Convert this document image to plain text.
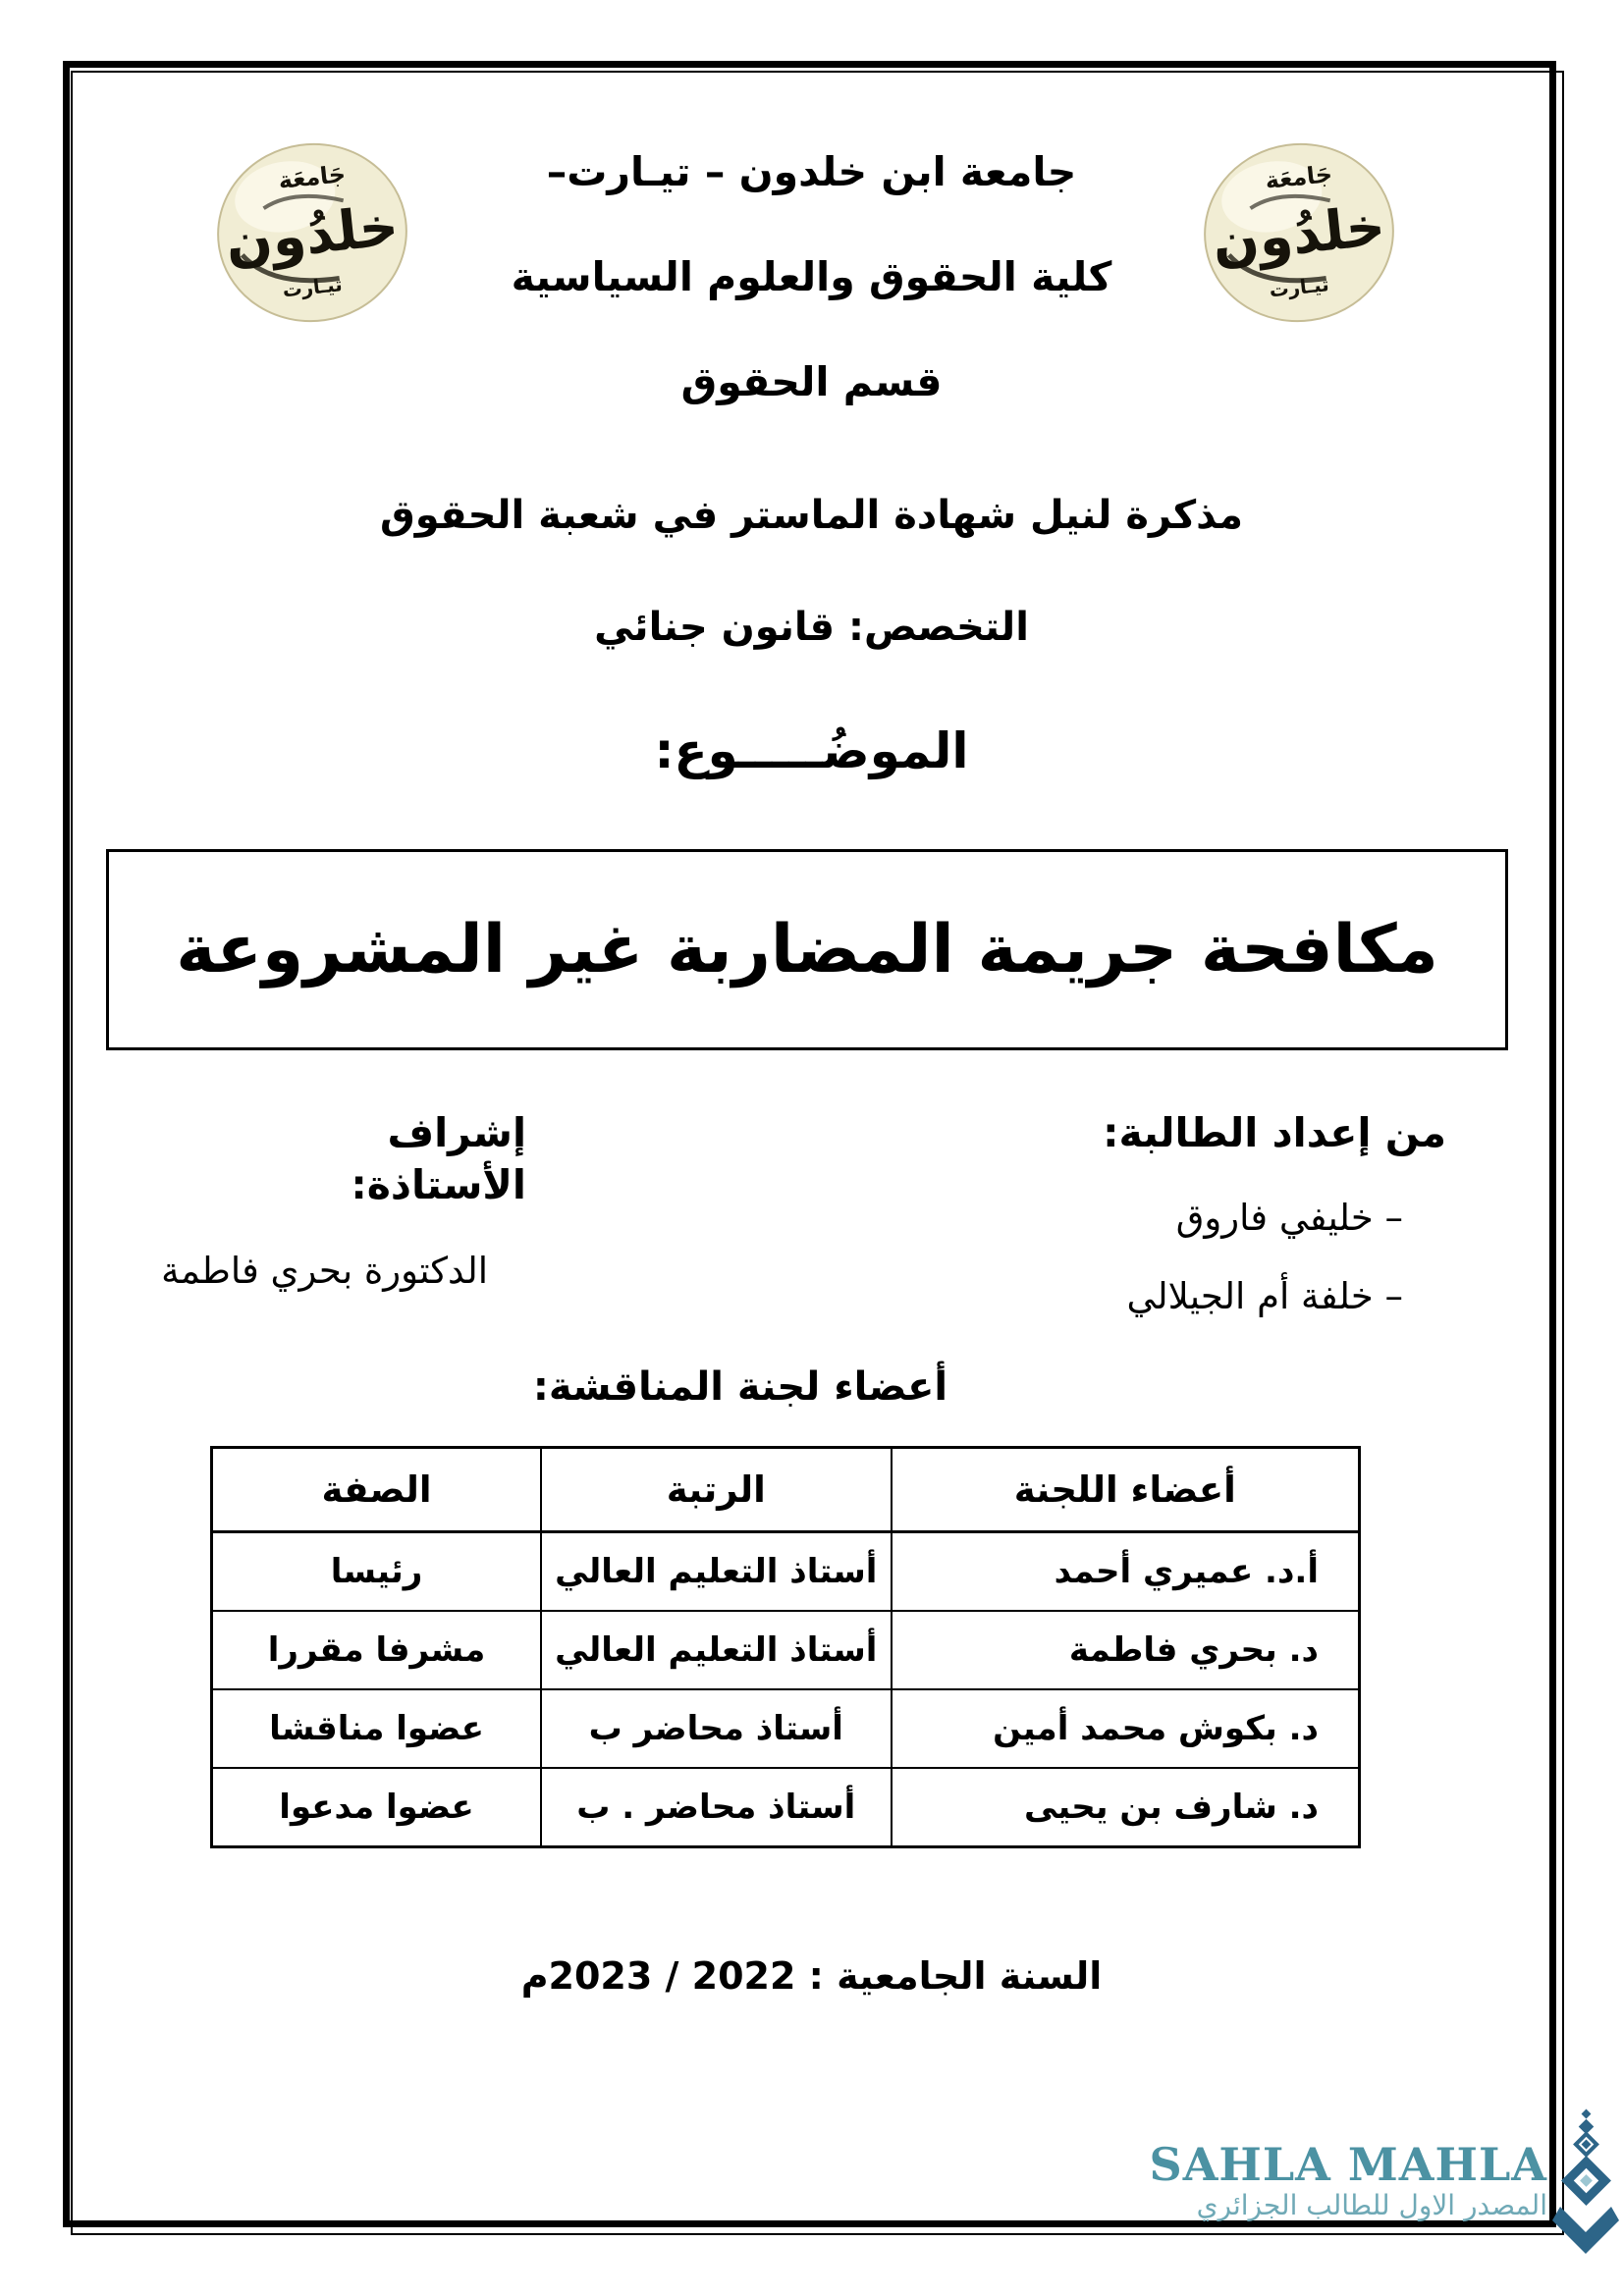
جَامعَة
خلدُون
تيـارت
جَامعَة
خلدُون
تيـارت
جامعة ابن خلدون – تيـارت–
كلية الحقوق والعلوم السياسية
قسم الحقوق
مذكرة لنيل شهادة الماستر في شعبة الحقوق
التخصص: قانون جنائي
الموضُـــــوع:
مكافحة جريمة المضاربة غير المشروعة
من إعداد الطالبة:
– خليفي فاروق
– خلفة أم الجيلالي
إشراف الأستاذة:
الدكتورة بحري فاطمة
أعضاء لجنة المناقشة:
أعضاء اللجنة	الرتبة	الصفة
أ.د. عميري أحمد	أستاذ التعليم العالي	رئيسا
د. بحري فاطمة	أستاذ التعليم العالي	مشرفا مقررا
د. بكوش محمد أمين	أستاذ محاضر ب	عضوا مناقشا
د. شارف بن يحيى	أستاذ محاضر . ب	عضوا مدعوا
السنة الجامعية : 2022 / 2023م
SAHLA MAHLA
المصدر الاول للطالب الجزائري
